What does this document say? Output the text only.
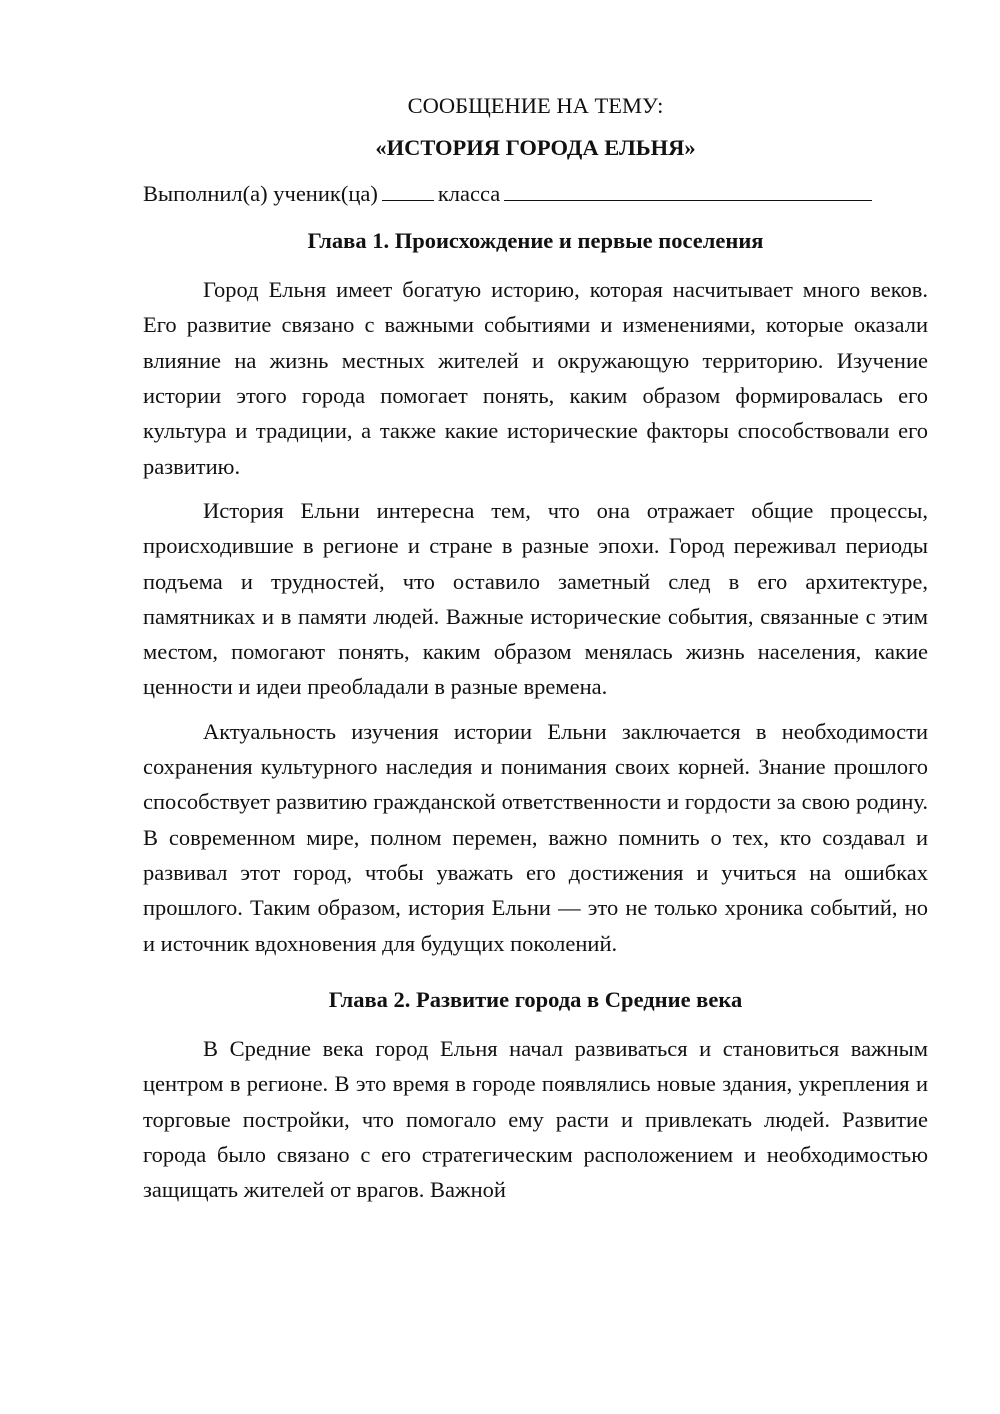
СООБЩЕНИЕ НА ТЕМУ:

«ИСТОРИЯ ГОРОДА ЕЛЬНЯ»

Выполнил(а) ученик(ца)	класса

Глава 1. Происхождение и первые поселения

Город Ельня имеет богатую историю, которая насчитывает много веков. Его развитие связано с важными событиями и изменениями, которые оказали влияние на жизнь местных жителей и окружающую территорию. Изучение истории этого города помогает понять, каким образом формировалась его культура и традиции, а также какие исторические факторы способствовали его развитию.

История Ельни интересна тем, что она отражает общие процессы, происходившие в регионе и стране в разные эпохи. Город переживал периоды подъема и трудностей, что оставило заметный след в его архитектуре, памятниках и в памяти людей. Важные исторические события, связанные с этим местом, помогают понять, каким образом менялась жизнь населения, какие ценности и идеи преобладали в разные времена.

Актуальность изучения истории Ельни заключается в необходимости сохранения культурного наследия и понимания своих корней. Знание прошлого способствует развитию гражданской ответственности и гордости за свою родину. В современном мире, полном перемен, важно помнить о тех, кто создавал и развивал этот город, чтобы уважать его достижения и учиться на ошибках прошлого. Таким образом, история Ельни — это не только хроника событий, но и источник вдохновения для будущих поколений.

Глава 2. Развитие города в Средние века

В Средние века город Ельня начал развиваться и становиться важным центром в регионе. В это время в городе появлялись новые здания, укрепления и торговые постройки, что помогало ему расти и привлекать людей. Развитие города было связано с его стратегическим расположением и необходимостью защищать жителей от врагов. Важной
